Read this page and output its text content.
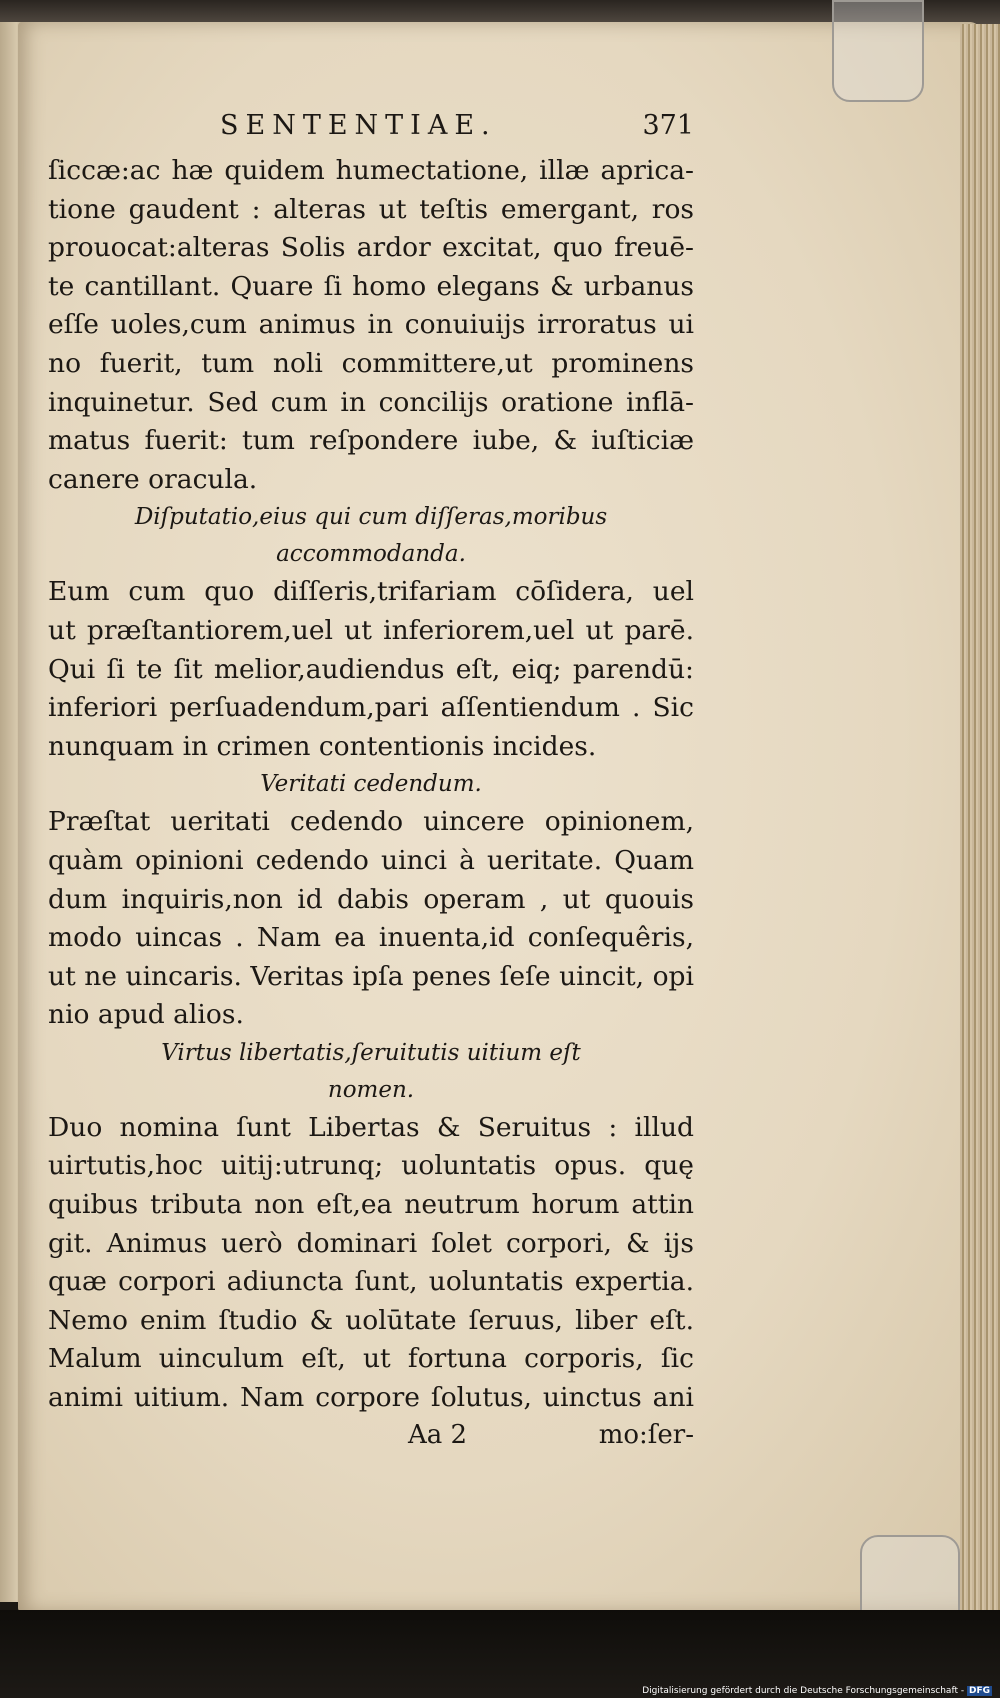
SENTENTIAE.	371
ſiccæ:ac hæ quidem humectatione, illæ aprica-
tione gaudent : alteras ut teſtis emergant, ros
prouocat:alteras Solis ardor excitat, quo freuē-
te cantillant. Quare ſi homo elegans & urbanus
eſſe uoles,cum animus in conuiuijs irroratus ui
no fuerit, tum noli committere,ut prominens
inquinetur. Sed cum in concilijs oratione inflā-
matus fuerit: tum reſpondere iube, & iuſticiæ
canere oracula.
Diſputatio,eius qui cum diſſeras,moribus
accommodanda.
Eum cum quo diſſeris,trifariam cōſidera, uel
ut præſtantiorem,uel ut inferiorem,uel ut parē.
Qui ſi te ſit melior,audiendus eſt, eiq; parendū:
inferiori perſuadendum,pari aſſentiendum . Sic
nunquam in crimen contentionis incides.
Veritati cedendum.
Præſtat ueritati cedendo uincere opinionem,
quàm opinioni cedendo uinci à ueritate. Quam
dum inquiris,non id dabis operam , ut quouis
modo uincas . Nam ea inuenta,id conſequêris,
ut ne uincaris. Veritas ipſa penes ſeſe uincit, opi
nio apud alios.
Virtus libertatis,ſeruitutis uitium eſt
nomen.
Duo nomina ſunt Libertas & Seruitus : illud
uirtutis,hoc uitij:utrunq; uoluntatis opus. quę
quibus tributa non eſt,ea neutrum horum attin
git. Animus uerò dominari ſolet corpori, & ijs
quæ corpori adiuncta ſunt, uoluntatis expertia.
Nemo enim ſtudio & uolūtate ſeruus, liber eſt.
Malum uinculum eſt, ut fortuna corporis, ſic
animi uitium. Nam corpore ſolutus, uinctus ani
Aa 2	mo:ſer-
Digitalisierung gefördert durch die Deutsche Forschungsgemeinschaft - DFG
